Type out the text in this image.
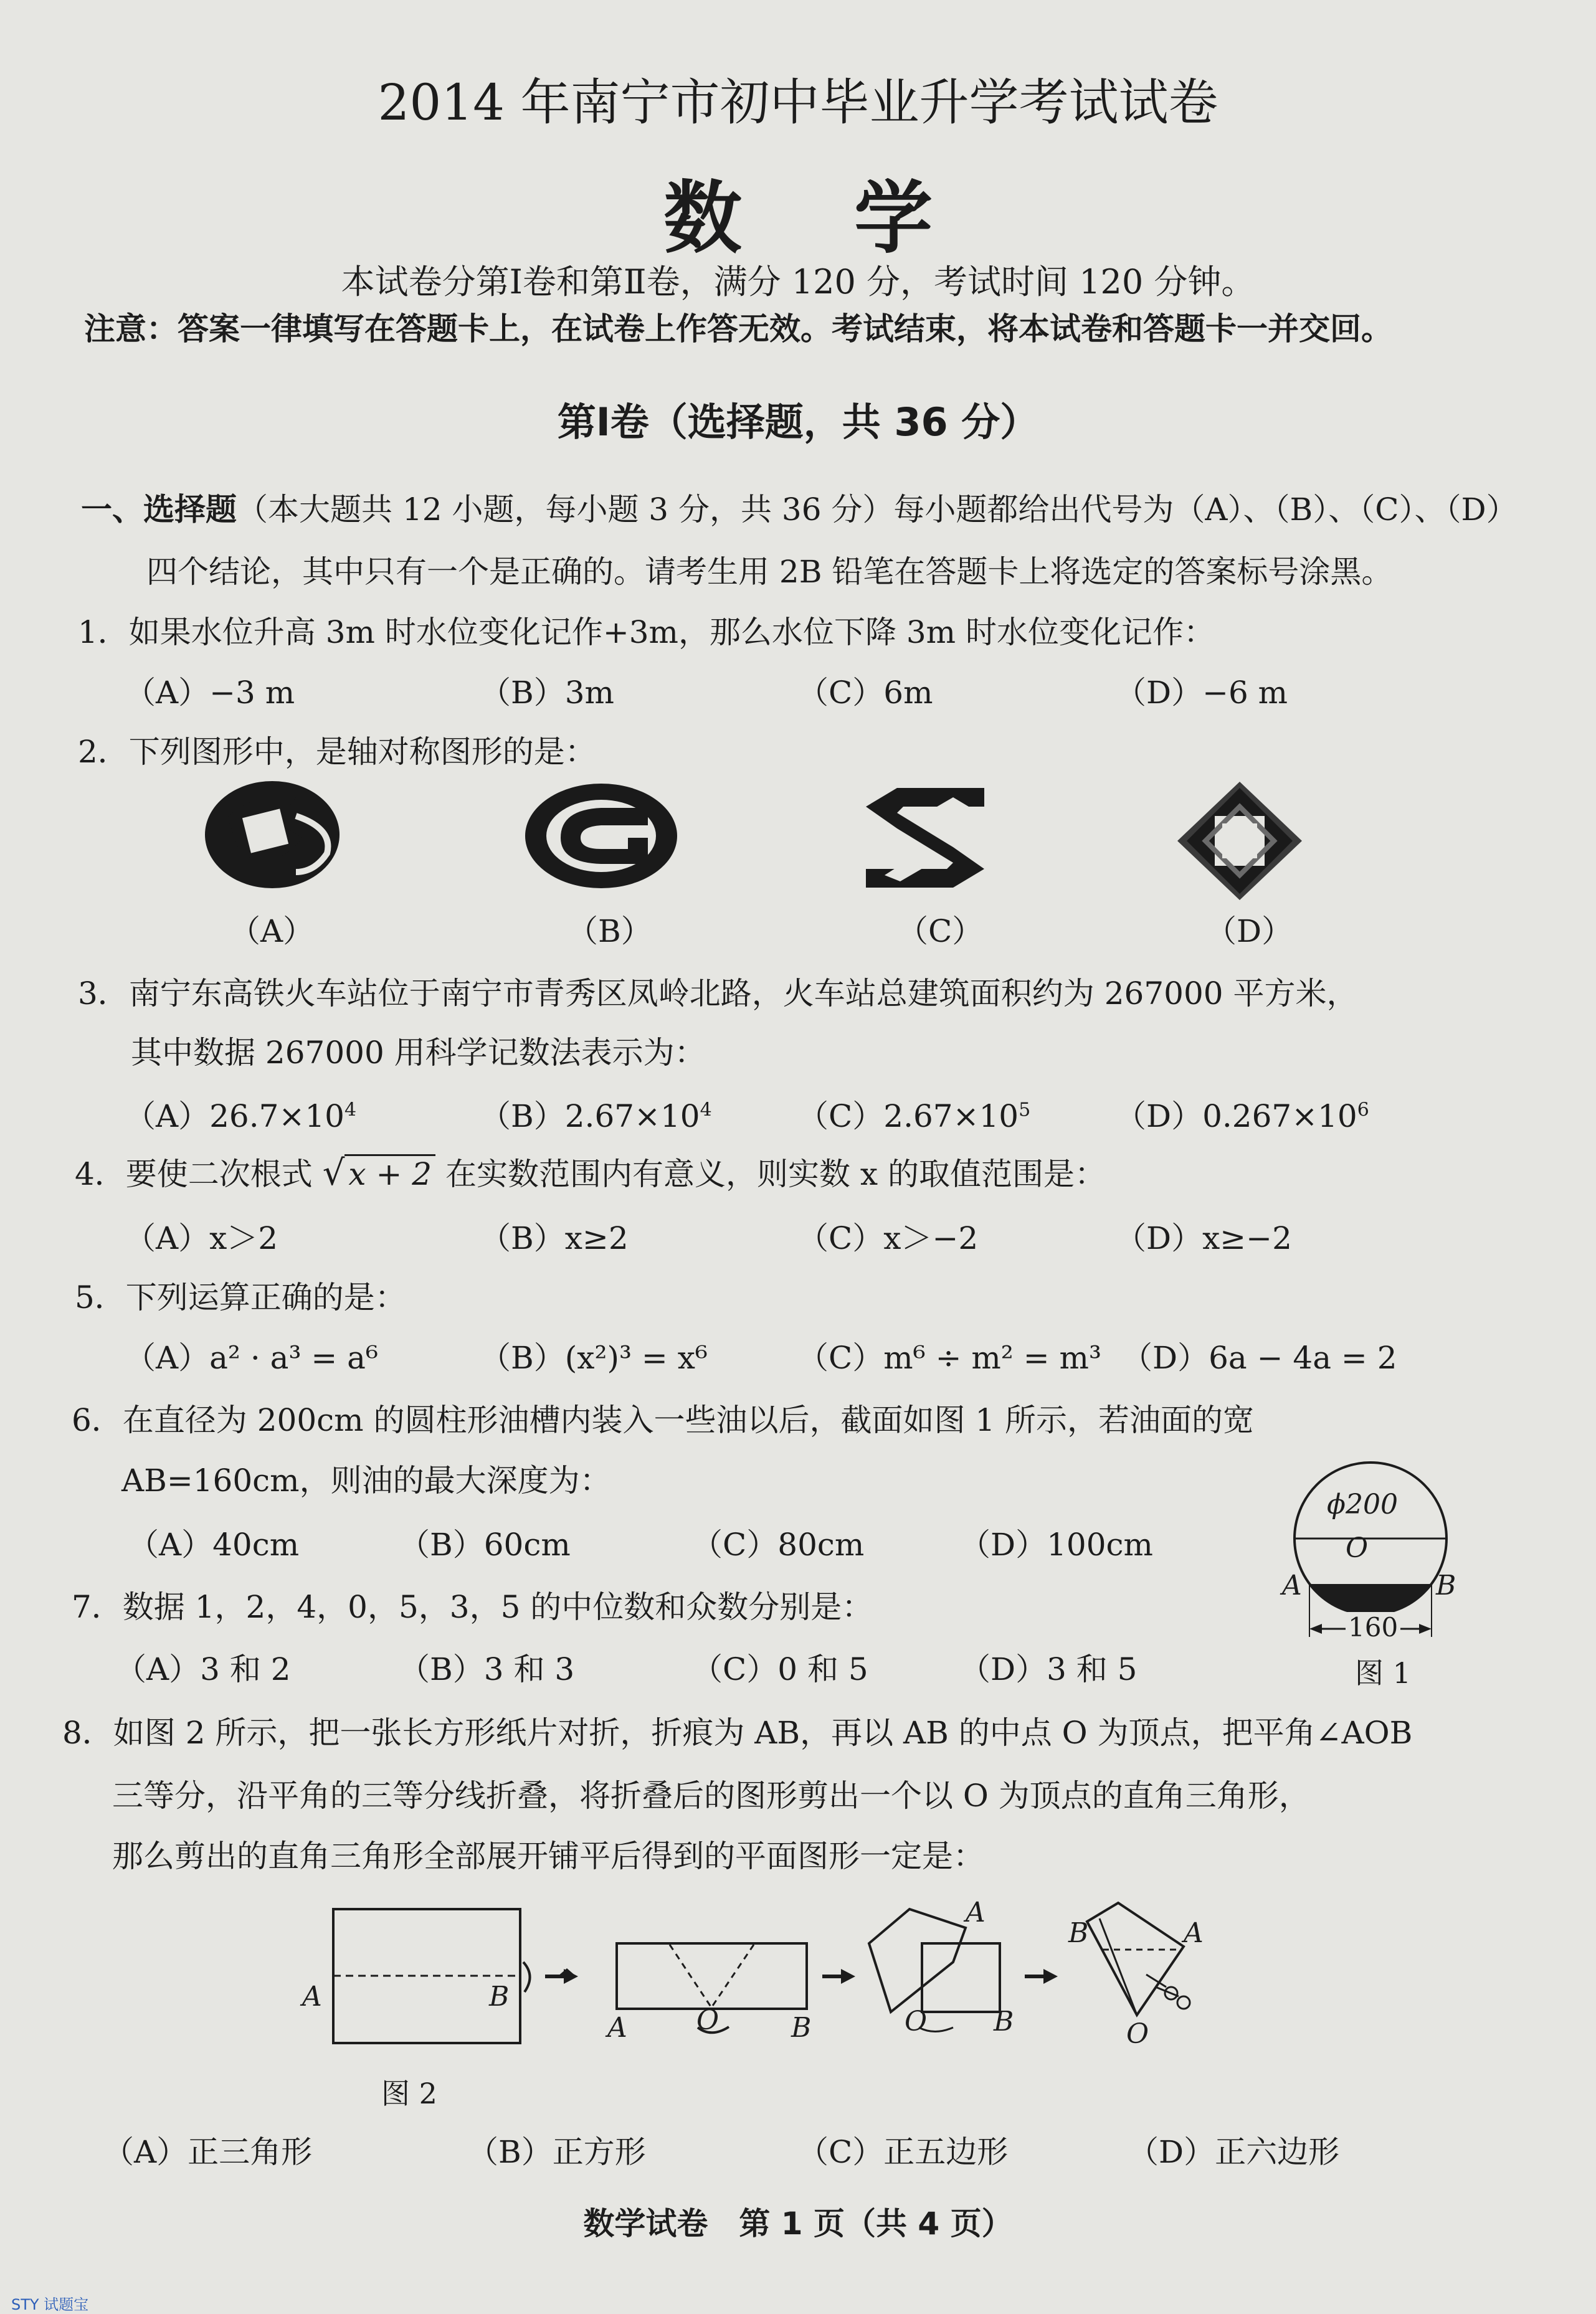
2014 年南宁市初中毕业升学考试试卷
数学
本试卷分第Ⅰ卷和第Ⅱ卷，满分 120 分，考试时间 120 分钟。
注意：答案一律填写在答题卡上，在试卷上作答无效。考试结束，将本试卷和答题卡一并交回。
第Ⅰ卷（选择题，共 36 分）
一、选择题（本大题共 12 小题，每小题 3 分，共 36 分）每小题都给出代号为（A）、（B）、（C）、（D）
四个结论，其中只有一个是正确的。请考生用 2B 铅笔在答题卡上将选定的答案标号涂黑。
1．如果水位升高 3m 时水位变化记作+3m，那么水位下降 3m 时水位变化记作：
（A）−3 m	（B）3m	（C）6m	（D）−6 m
2．下列图形中，是轴对称图形的是：
（A）	（B）	（C）	（D）
3．南宁东高铁火车站位于南宁市青秀区凤岭北路，火车站总建筑面积约为 267000 平方米，
其中数据 267000 用科学记数法表示为：
$(A)26.7\times 10^4$	$(B)2.67\times 10^4$	$(C)2.67\times 10^5$	$(D)0.267\times 10^6$
4．要使二次根式 √ x + 2 在实数范围内有意义，则实数 x 的取值范围是：
（A）x＞2	（B）x≥2	（C）x＞−2	（D）x≥−2
5．下列运算正确的是：
（A）a² · a³ = a⁶	（B）(x²)³ = x⁶	（C）m⁶ ÷ m² = m³ （D）6a − 4a = 2
6．在直径为 200cm 的圆柱形油槽内装入一些油以后，截面如图 1 所示，若油面的宽
AB=160cm，则油的最大深度为：
（A）40cm	（B）60cm	（C）80cm	（D）100cm
ϕ200
O
A	B
160
图 1
7．数据 1，2，4，0，5，3，5 的中位数和众数分别是：
（A）3 和 2	（B）3 和 3	（C）0 和 5	（D）3 和 5
8．如图 2 所示，把一张长方形纸片对折，折痕为 AB，再以 AB 的中点 O 为顶点，把平角∠AOB
三等分，沿平角的三等分线折叠，将折叠后的图形剪出一个以 O 为顶点的直角三角形，
那么剪出的直角三角形全部展开铺平后得到的平面图形一定是：
A	B
A	O	B
A
O B
B	A
O
图 2
（A）正三角形	（B）正方形	（C）正五边形	（D）正六边形
数学试卷　第 1 页（共 4 页）
STY 试题宝
